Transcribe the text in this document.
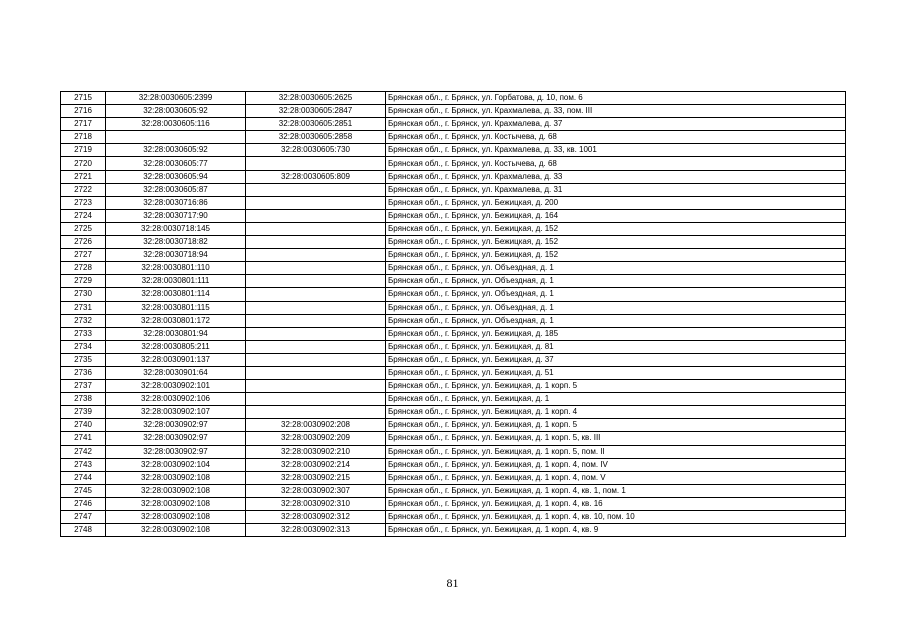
2715	32:28:0030605:2399	32:28:0030605:2625	Брянская обл., г. Брянск, ул. Горбатова, д. 10, пом. 6
2716	32:28:0030605:92	32:28:0030605:2847	Брянская обл., г. Брянск, ул. Крахмалева, д. 33, пом. III
2717	32:28:0030605:116	32:28:0030605:2851	Брянская обл., г. Брянск, ул. Крахмалева, д. 37
2718		32:28:0030605:2858	Брянская обл., г. Брянск, ул. Костычева, д. 68
2719	32:28:0030605:92	32:28:0030605:730	Брянская обл., г. Брянск, ул. Крахмалева, д. 33, кв. 1001
2720	32:28:0030605:77		Брянская обл., г. Брянск, ул. Костычева, д. 68
2721	32:28:0030605:94	32:28:0030605:809	Брянская обл., г. Брянск, ул. Крахмалева, д. 33
2722	32:28:0030605:87		Брянская обл., г. Брянск, ул. Крахмалева, д. 31
2723	32:28:0030716:86		Брянская обл., г. Брянск, ул. Бежицкая, д. 200
2724	32:28:0030717:90		Брянская обл., г. Брянск, ул. Бежицкая, д. 164
2725	32:28:0030718:145		Брянская обл., г. Брянск, ул. Бежицкая, д. 152
2726	32:28:0030718:82		Брянская обл., г. Брянск, ул. Бежицкая, д. 152
2727	32:28:0030718:94		Брянская обл., г. Брянск, ул. Бежицкая, д. 152
2728	32:28:0030801:110		Брянская обл., г. Брянск, ул. Объездная, д. 1
2729	32:28:0030801:111		Брянская обл., г. Брянск, ул. Объездная, д. 1
2730	32:28:0030801:114		Брянская обл., г. Брянск, ул. Объездная, д. 1
2731	32:28:0030801:115		Брянская обл., г. Брянск, ул. Объездная, д. 1
2732	32:28:0030801:172		Брянская обл., г. Брянск, ул. Объездная, д. 1
2733	32:28:0030801:94		Брянская обл., г. Брянск, ул. Бежицкая, д. 185
2734	32:28:0030805:211		Брянская обл., г. Брянск, ул. Бежицкая, д. 81
2735	32:28:0030901:137		Брянская обл., г. Брянск, ул. Бежицкая, д. 37
2736	32:28:0030901:64		Брянская обл., г. Брянск, ул. Бежицкая, д. 51
2737	32:28:0030902:101		Брянская обл., г. Брянск, ул. Бежицкая, д. 1 корп. 5
2738	32:28:0030902:106		Брянская обл., г. Брянск, ул. Бежицкая, д. 1
2739	32:28:0030902:107		Брянская обл., г. Брянск, ул. Бежицкая, д. 1 корп. 4
2740	32:28:0030902:97	32:28:0030902:208	Брянская обл., г. Брянск, ул. Бежицкая, д. 1 корп. 5
2741	32:28:0030902:97	32:28:0030902:209	Брянская обл., г. Брянск, ул. Бежицкая, д. 1 корп. 5, кв. III
2742	32:28:0030902:97	32:28:0030902:210	Брянская обл., г. Брянск, ул. Бежицкая, д. 1 корп. 5, пом. II
2743	32:28:0030902:104	32:28:0030902:214	Брянская обл., г. Брянск, ул. Бежицкая, д. 1 корп. 4, пом. IV
2744	32:28:0030902:108	32:28:0030902:215	Брянская обл., г. Брянск, ул. Бежицкая, д. 1 корп. 4, пом. V
2745	32:28:0030902:108	32:28:0030902:307	Брянская обл., г. Брянск, ул. Бежицкая, д. 1 корп. 4, кв. 1, пом. 1
2746	32:28:0030902:108	32:28:0030902:310	Брянская обл., г. Брянск, ул. Бежицкая, д. 1 корп. 4, кв. 16
2747	32:28:0030902:108	32:28:0030902:312	Брянская обл., г. Брянск, ул. Бежицкая, д. 1 корп. 4, кв. 10, пом. 10
2748	32:28:0030902:108	32:28:0030902:313	Брянская обл., г. Брянск, ул. Бежицкая, д. 1 корп. 4, кв. 9
81
